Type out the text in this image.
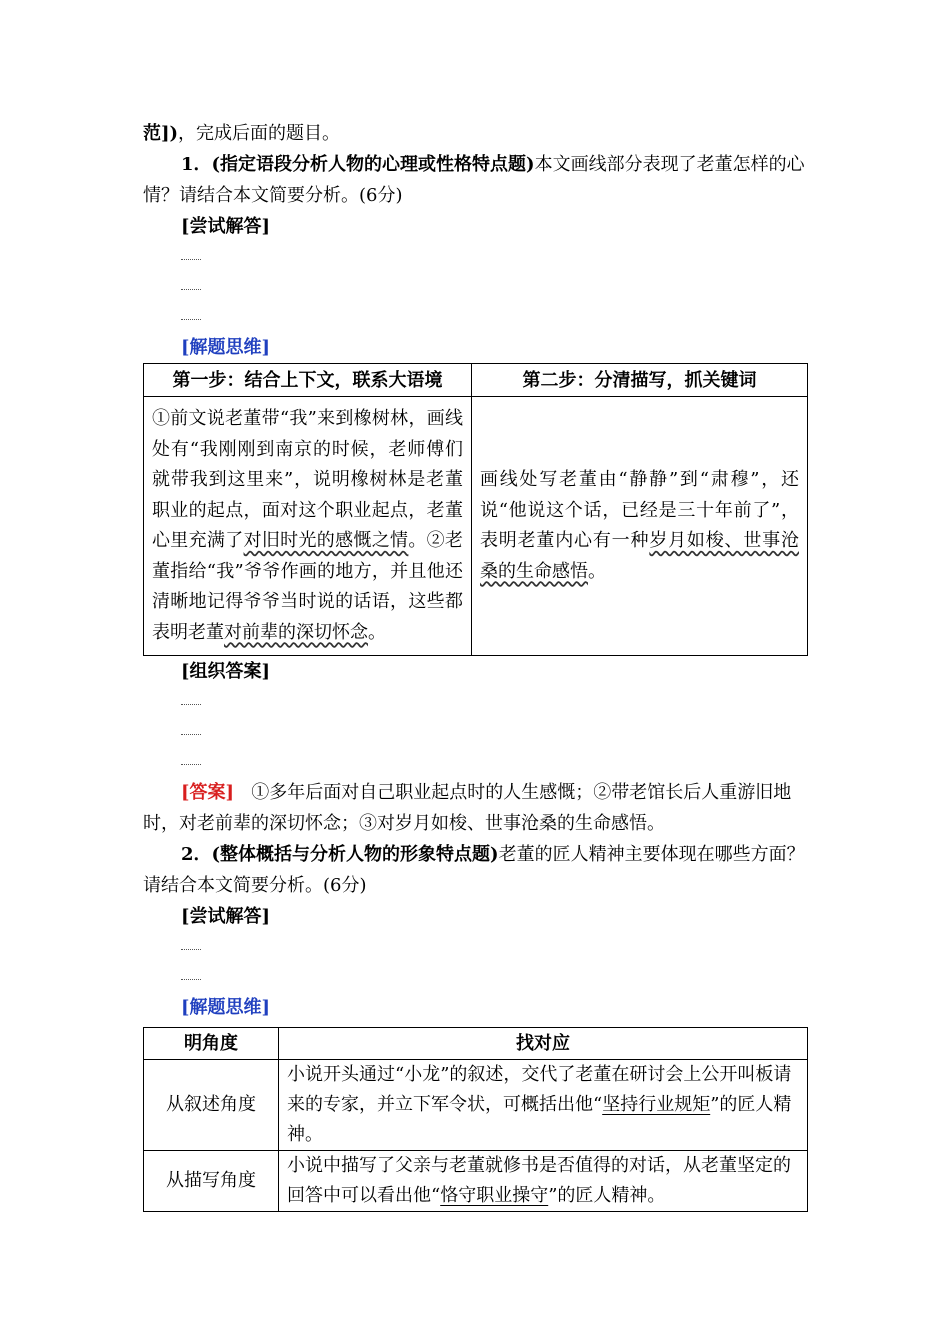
范])，完成后面的题目。

1．(指定语段分析人物的心理或性格特点题)本文画线部分表现了老董怎样的心情？请结合本文简要分析。(6分)

[尝试解答]

[解题思维]

第一步：结合上下文，联系大语境	第二步：分清描写，抓关键词
①前文说老董带“我”来到橡树林，画线处有“我刚刚到南京的时候，老师傅们就带我到这里来”，说明橡树林是老董职业的起点，面对这个职业起点，老董心里充满了对旧时光的感慨之情。②老董指给“我”爷爷作画的地方，并且他还清晰地记得爷爷当时说的话语，这些都表明老董对前辈的深切怀念。	画线处写老董由“静静”到“肃穆”，还说“他说这个话，已经是三十年前了”，表明老董内心有一种岁月如梭、世事沧桑的生命感悟。

[组织答案]

[答案] ①多年后面对自己职业起点时的人生感慨；②带老馆长后人重游旧地时，对老前辈的深切怀念；③对岁月如梭、世事沧桑的生命感悟。

2．(整体概括与分析人物的形象特点题)老董的匠人精神主要体现在哪些方面？请结合本文简要分析。(6分)

[尝试解答]

[解题思维]

明角度	找对应
从叙述角度	小说开头通过“小龙”的叙述，交代了老董在研讨会上公开叫板请来的专家，并立下军令状，可概括出他“坚持行业规矩”的匠人精神。
从描写角度	小说中描写了父亲与老董就修书是否值得的对话，从老董坚定的回答中可以看出他“恪守职业操守”的匠人精神。
